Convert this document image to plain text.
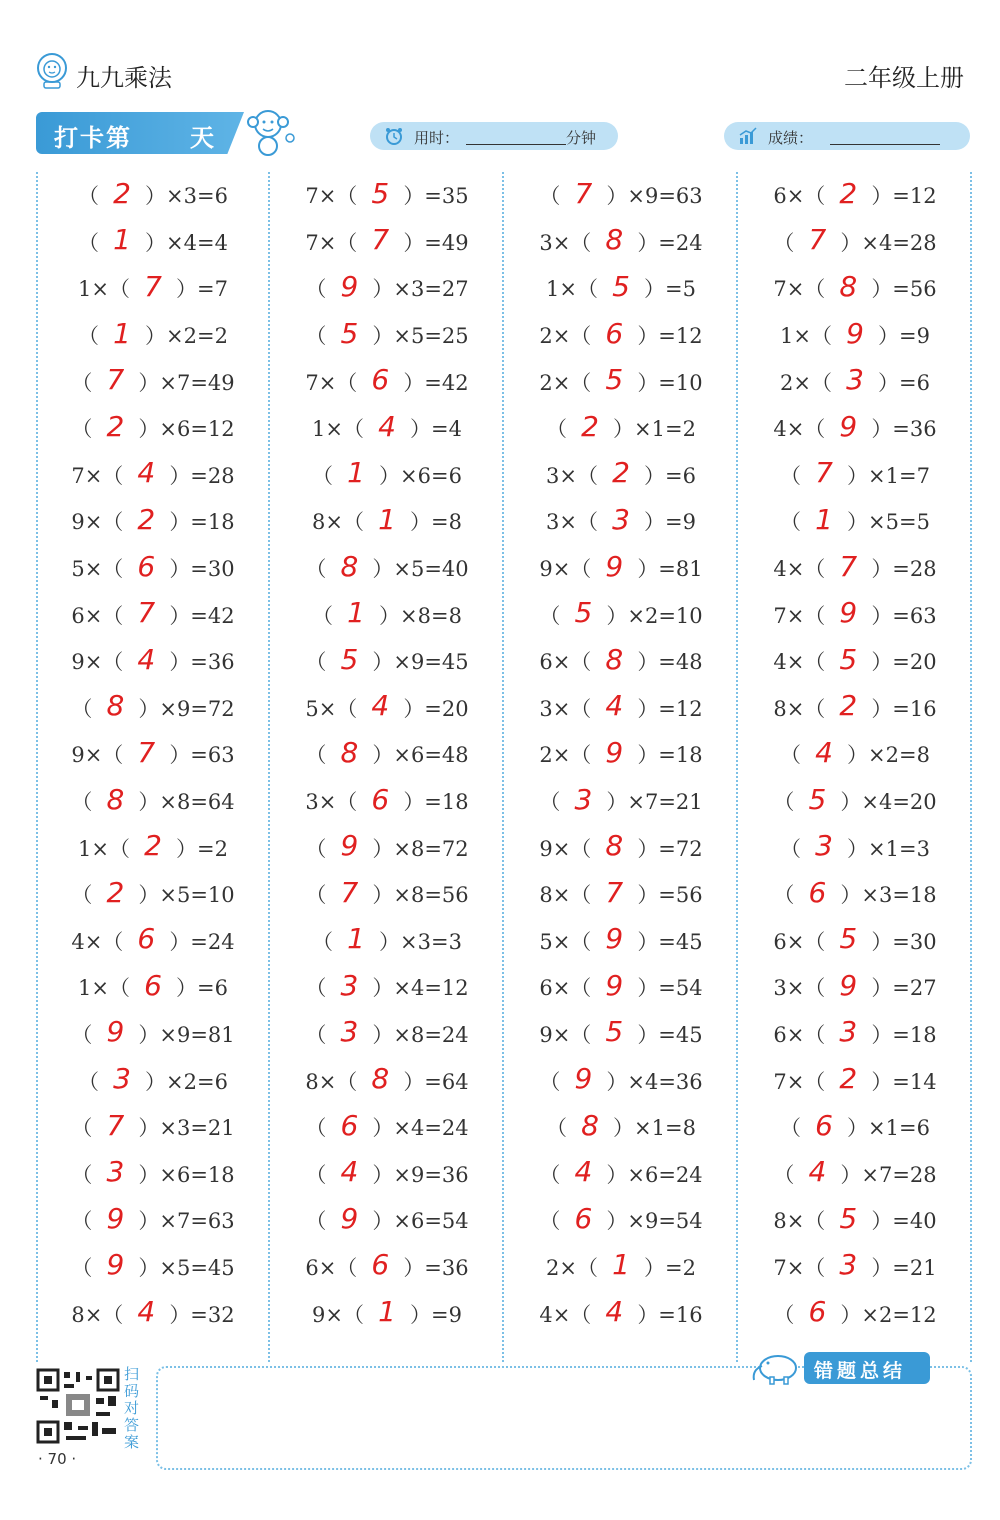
九九乘法	二年级上册
打卡第 天	用时：	分钟	成绩：
（ 2 ）×3=6
（ 1 ）×4=4
1×（ 7 ）=7
（ 1 ）×2=2
（ 7 ）×7=49
（ 2 ）×6=12
7×（ 4 ）=28
9×（ 2 ）=18
5×（ 6 ）=30
6×（ 7 ）=42
9×（ 4 ）=36
（ 8 ）×9=72
9×（ 7 ）=63
（ 8 ）×8=64
1×（ 2 ）=2
（ 2 ）×5=10
4×（ 6 ）=24
1×（ 6 ）=6
（ 9 ）×9=81
（ 3 ）×2=6
（ 7 ）×3=21
（ 3 ）×6=18
（ 9 ）×7=63
（ 9 ）×5=45
8×（ 4 ）=32
7×（ 5 ）=35
7×（ 7 ）=49
（ 9 ）×3=27
（ 5 ）×5=25
7×（ 6 ）=42
1×（ 4 ）=4
（ 1 ）×6=6
8×（ 1 ）=8
（ 8 ）×5=40
（ 1 ）×8=8
（ 5 ）×9=45
5×（ 4 ）=20
（ 8 ）×6=48
3×（ 6 ）=18
（ 9 ）×8=72
（ 7 ）×8=56
（ 1 ）×3=3
（ 3 ）×4=12
（ 3 ）×8=24
8×（ 8 ）=64
（ 6 ）×4=24
（ 4 ）×9=36
（ 9 ）×6=54
6×（ 6 ）=36
9×（ 1 ）=9
（ 7 ）×9=63
3×（ 8 ）=24
1×（ 5 ）=5
2×（ 6 ）=12
2×（ 5 ）=10
（ 2 ）×1=2
3×（ 2 ）=6
3×（ 3 ）=9
9×（ 9 ）=81
（ 5 ）×2=10
6×（ 8 ）=48
3×（ 4 ）=12
2×（ 9 ）=18
（ 3 ）×7=21
9×（ 8 ）=72
8×（ 7 ）=56
5×（ 9 ）=45
6×（ 9 ）=54
9×（ 5 ）=45
（ 9 ）×4=36
（ 8 ）×1=8
（ 4 ）×6=24
（ 6 ）×9=54
2×（ 1 ）=2
4×（ 4 ）=16
6×（ 2 ）=12
（ 7 ）×4=28
7×（ 8 ）=56
1×（ 9 ）=9
2×（ 3 ）=6
4×（ 9 ）=36
（ 7 ）×1=7
（ 1 ）×5=5
4×（ 7 ）=28
7×（ 9 ）=63
4×（ 5 ）=20
8×（ 2 ）=16
（ 4 ）×2=8
（ 5 ）×4=20
（ 3 ）×1=3
（ 6 ）×3=18
6×（ 5 ）=30
3×（ 9 ）=27
6×（ 3 ）=18
7×（ 2 ）=14
（ 6 ）×1=6
（ 4 ）×7=28
8×（ 5 ）=40
7×（ 3 ）=21
（ 6 ）×2=12
错题总结
扫码对答案
· 70 ·
